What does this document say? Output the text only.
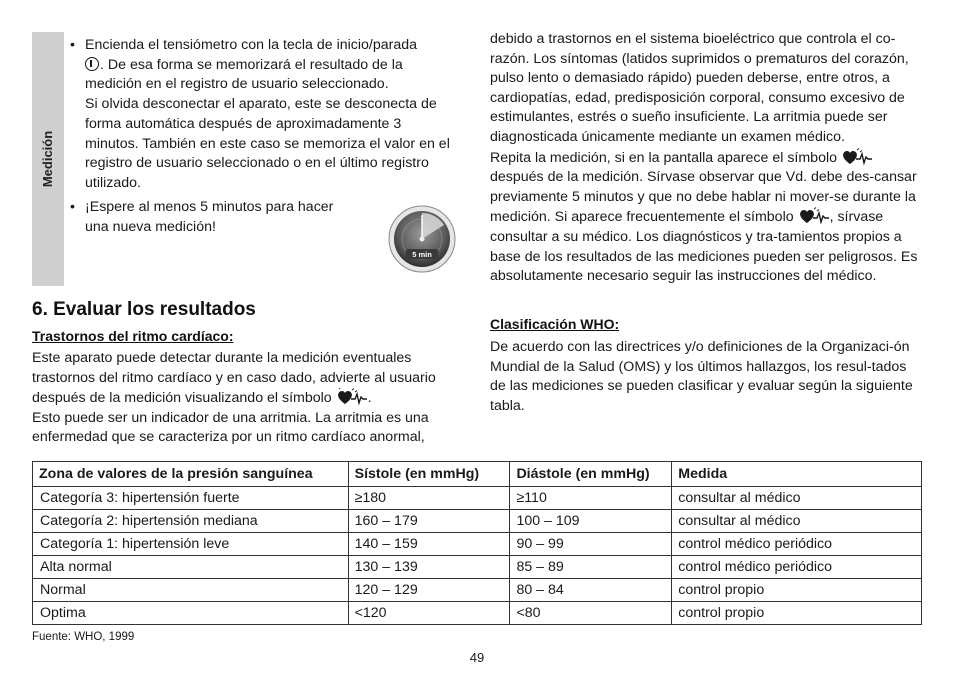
Medición

• Encienda el tensiómetro con la tecla de inicio/parada

. De esa forma se memorizará el resultado de la medición en el registro de usuario seleccionado.

Si olvida desconectar el aparato, este se desconecta de forma automática después de aproximadamente 3 minutos. También en este caso se memoriza el valor en el registro de usuario seleccionado o en el último registro utilizado.

• ¡Espere al menos 5 minutos para hacer una nueva medición!

5 min
6. Evaluar los resultados
Trastornos del ritmo cardíaco:

Este aparato puede detectar durante la medición eventuales trastornos del ritmo cardíaco y en caso dado, advierte al usuario después de la medición visualizando el símbolo	.

Esto puede ser un indicador de una arritmia. La arritmia es una enfermedad que se caracteriza por un ritmo cardíaco anormal,

debido a trastornos en el sistema bioeléctrico que controla el co-razón. Los síntomas (latidos suprimidos o prematuros del corazón, pulso lento o demasiado rápido) pueden deberse, entre otros, a cardiopatías, edad, predisposición corporal, consumo excesivo de estimulantes, estrés o sueño insuficiente. La arritmia puede ser diagnosticada únicamente mediante un examen médico.

Repita la medición, si en la pantalla aparece el símbolo  después de la medición. Sírvase observar que Vd. debe des-cansar previamente 5 minutos y que no debe hablar ni mover-se durante la medición. Si aparece frecuentemente el símbolo	, sírvase consultar a su médico. Los diagnósticos y tra-tamientos propios a base de los resultados de las mediciones pueden ser peligrosos. Es absolutamente necesario seguir las instrucciones del médico.

Clasificación WHO:
De acuerdo con las directrices y/o definiciones de la Organizaci-ón Mundial de la Salud (OMS) y los últimos hallazgos, los resul-tados de las mediciones se pueden clasificar y evaluar según la siguiente tabla.
Zona de valores de la presión sanguínea	Sístole (en mmHg)	Diástole (en mmHg)	Medida
Categoría 3: hipertensión fuerte	≥180	≥110	consultar al médico
Categoría 2: hipertensión mediana	160 – 179	100 – 109	consultar al médico
Categoría 1: hipertensión leve	140 – 159	90 – 99	control médico periódico
Alta normal	130 – 139	85 – 89	control médico periódico
Normal	120 – 129	80 – 84	control propio
Optima	<120	<80	control propio
Fuente: WHO, 1999
49
